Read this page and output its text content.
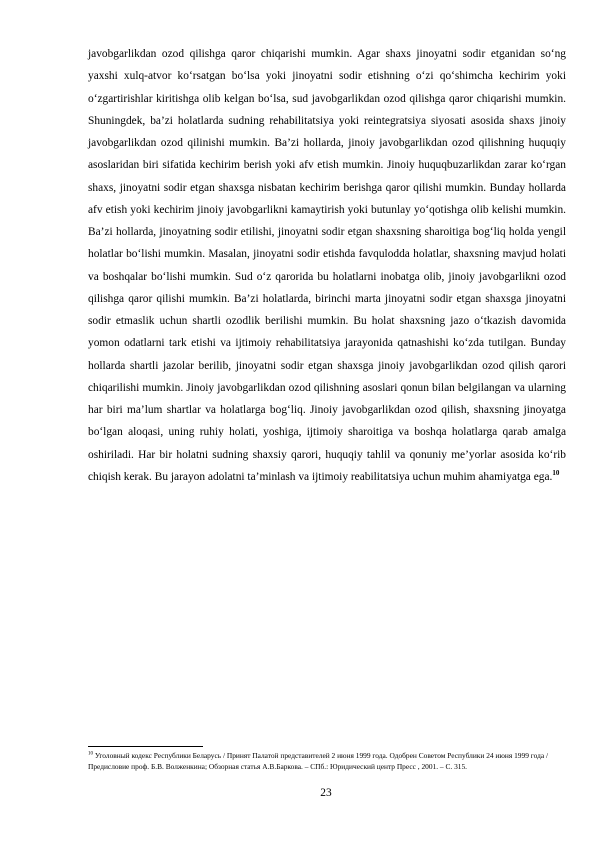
javobgarlikdan ozod qilishga qaror chiqarishi mumkin. Agar shaxs jinoyatni sodir etganidan so‘ng yaxshi xulq-atvor ko‘rsatgan bo‘lsa yoki jinoyatni sodir etishning o‘zi qo‘shimcha kechirim yoki o‘zgartirishlar kiritishga olib kelgan bo‘lsa, sud javobgarlikdan ozod qilishga qaror chiqarishi mumkin. Shuningdek, ba’zi holatlarda sudning rehabilitatsiya yoki reintegratsiya siyosati asosida shaxs jinoiy javobgarlikdan ozod qilinishi mumkin. Ba’zi hollarda, jinoiy javobgarlikdan ozod qilishning huquqiy asoslaridan biri sifatida kechirim berish yoki afv etish mumkin. Jinoiy huquqbuzarlikdan zarar ko‘rgan shaxs, jinoyatni sodir etgan shaxsga nisbatan kechirim berishga qaror qilishi mumkin. Bunday hollarda afv etish yoki kechirim jinoiy javobgarlikni kamaytirish yoki butunlay yo‘qotishga olib kelishi mumkin. Ba’zi hollarda, jinoyatning sodir etilishi, jinoyatni sodir etgan shaxsning sharoitiga bog‘liq holda yengil holatlar bo‘lishi mumkin. Masalan, jinoyatni sodir etishda favqulodda holatlar, shaxsning mavjud holati va boshqalar bo‘lishi mumkin. Sud o‘z qarorida bu holatlarni inobatga olib, jinoiy javobgarlikni ozod qilishga qaror qilishi mumkin. Ba’zi holatlarda, birinchi marta jinoyatni sodir etgan shaxsga jinoyatni sodir etmaslik uchun shartli ozodlik berilishi mumkin. Bu holat shaxsning jazo o‘tkazish davomida yomon odatlarni tark etishi va ijtimoiy rehabilitatsiya jarayonida qatnashishi ko‘zda tutilgan. Bunday hollarda shartli jazolar berilib, jinoyatni sodir etgan shaxsga jinoiy javobgarlikdan ozod qilish qarori chiqarilishi mumkin. Jinoiy javobgarlikdan ozod qilishning asoslari qonun bilan belgilangan va ularning har biri ma’lum shartlar va holatlarga bog‘liq. Jinoiy javobgarlikdan ozod qilish, shaxsning jinoyatga bo‘lgan aloqasi, uning ruhiy holati, yoshiga, ijtimoiy sharoitiga va boshqa holatlarga qarab amalga oshiriladi. Har bir holatni sudning shaxsiy qarori, huquqiy tahlil va qonuniy me’yorlar asosida ko‘rib chiqish kerak. Bu jarayon adolatni ta’minlash va ijtimoiy reabilitatsiya uchun muhim ahamiyatga ega.$^{10}$

$^{10}$ Уголовный кодекс Республики Беларусь / Принят Палатой представителей 2 июня 1999 года. Одобрен Советом Республики 24 июня 1999 года / Предисловие проф. Б.В. Волженкина; Обзорная статья А.В.Баркова. – СПб.: Юридический центр Пресс , 2001. – С. 315.
23
